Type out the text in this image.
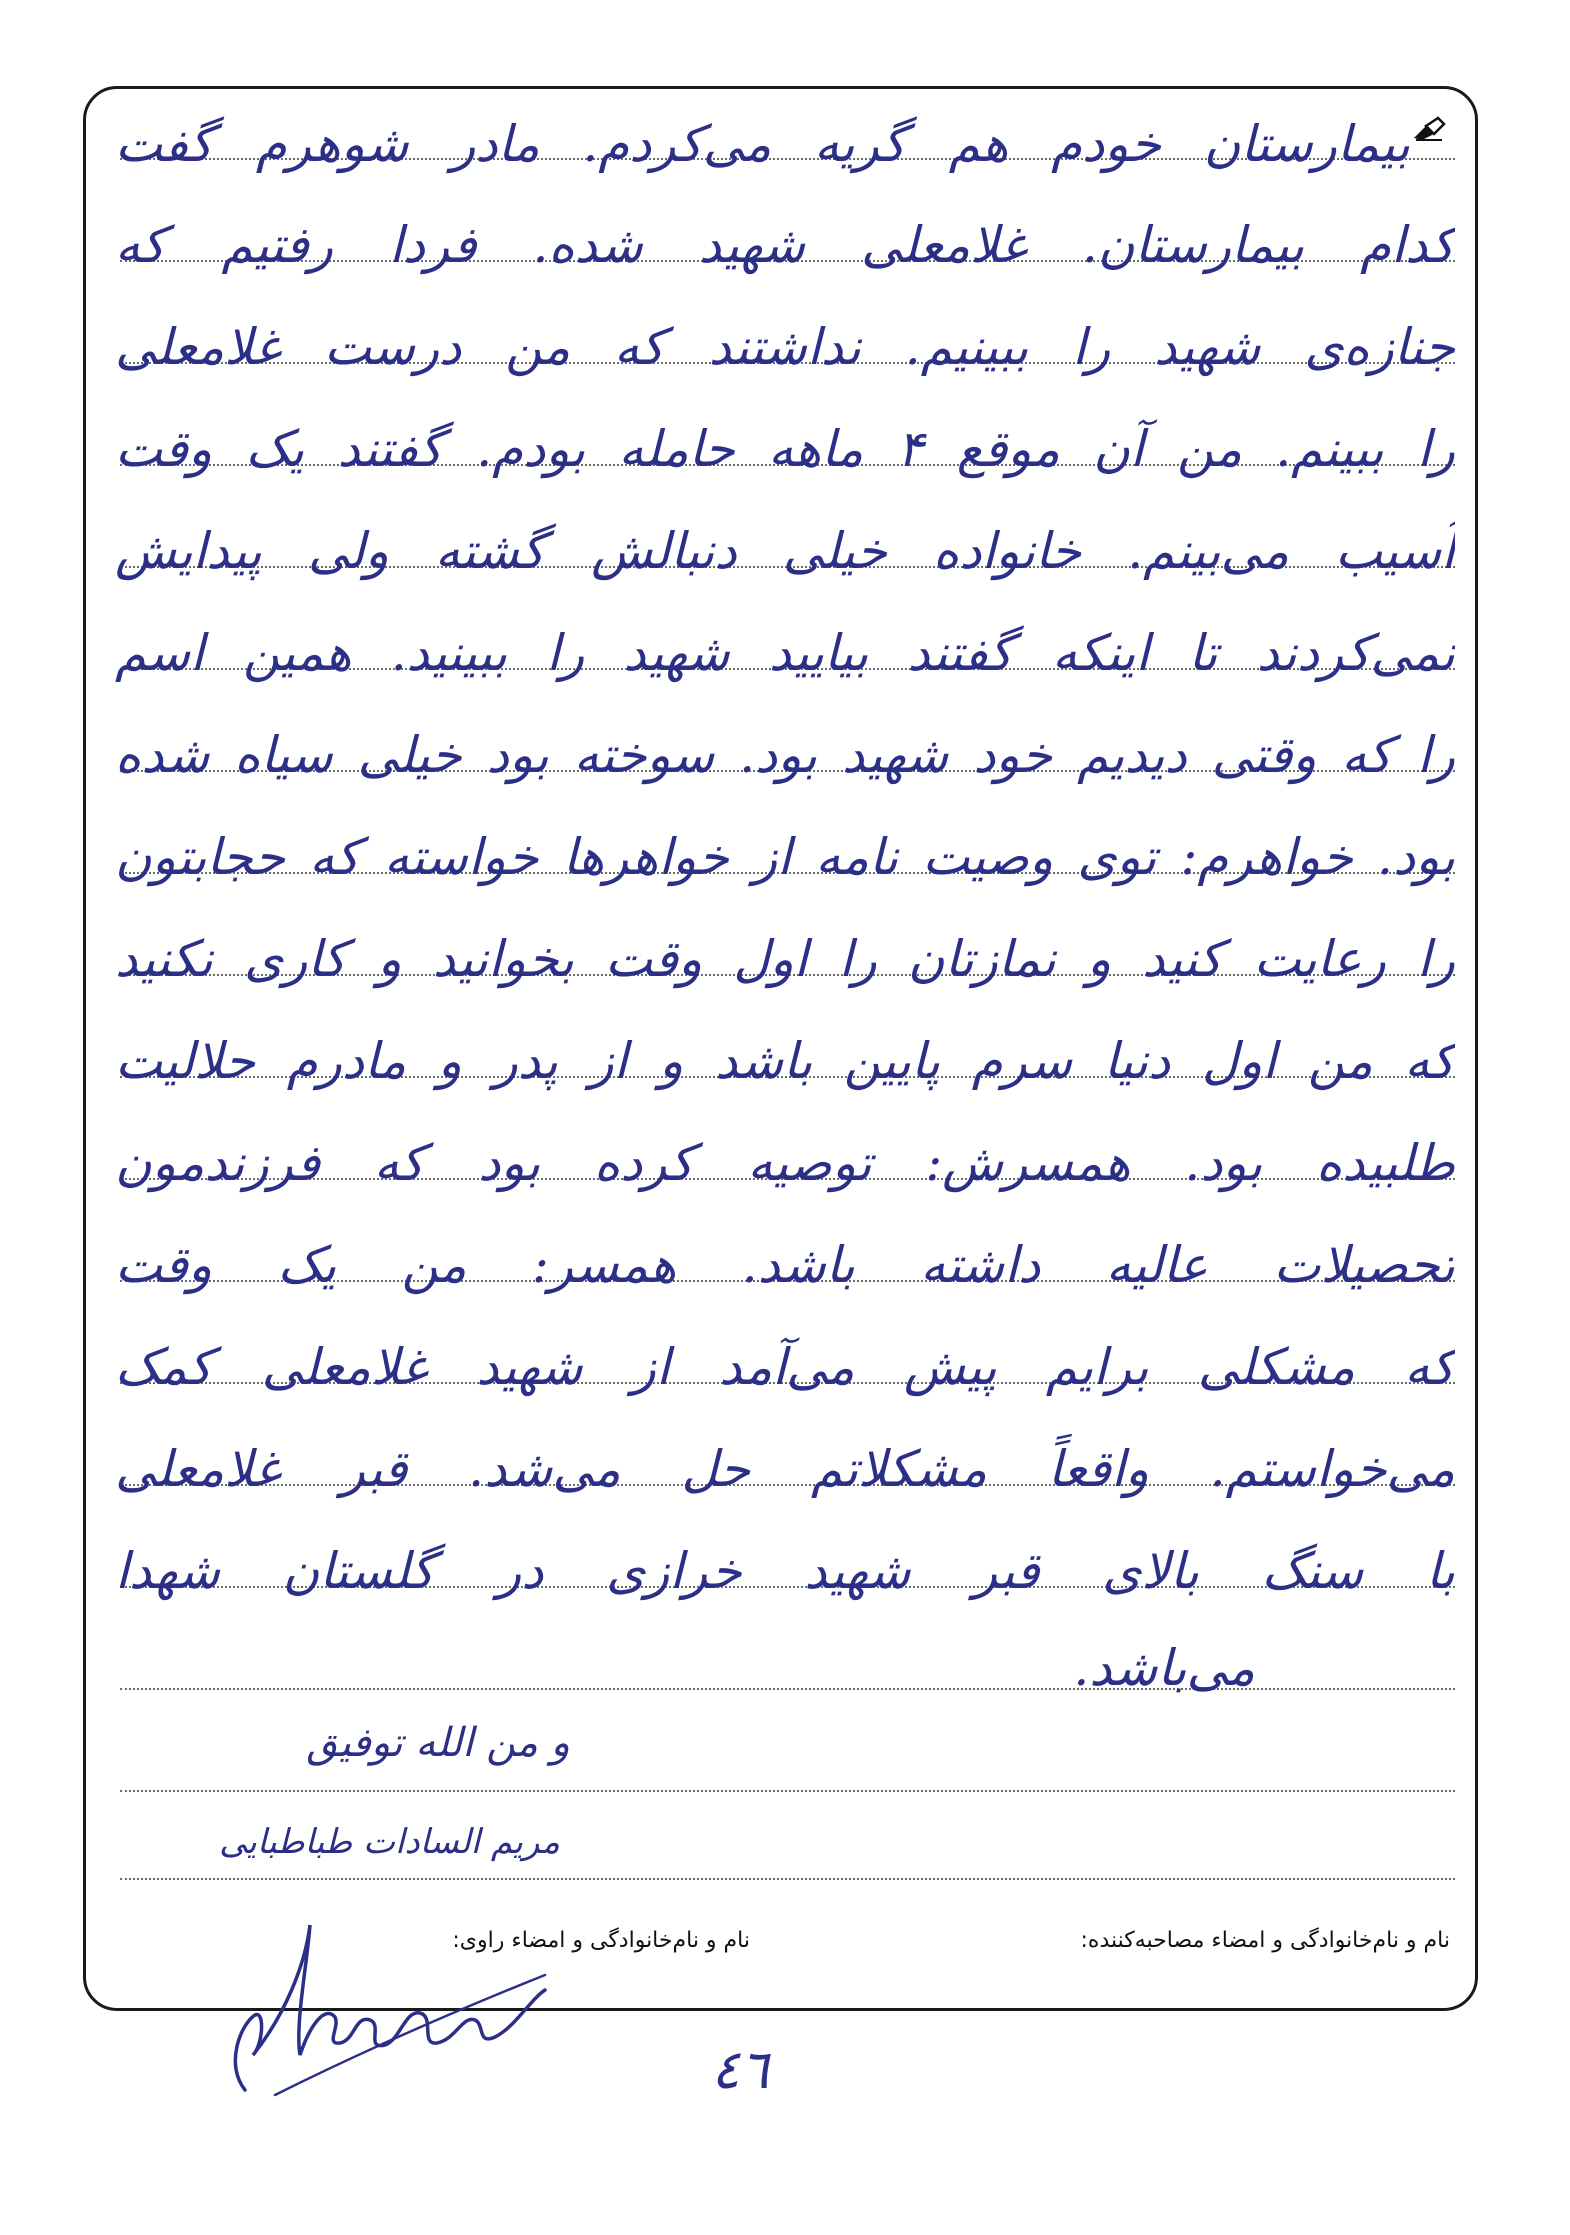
بیمارستان خودم هم گریه می‌کردم. مادر شوهرم گفت
کدام بیمارستان. غلامعلی شهید شده. فردا رفتیم که
جنازه‌ی شهید را ببینیم. نداشتند که من درست غلامعلی
را ببینم. من آن موقع ۴ ماهه حامله بودم. گفتند یک وقت
آسیب می‌بینم. خانواده خیلی دنبالش گشته ولی پیدایش
نمی‌کردند تا اینکه گفتند بیایید شهید را ببینید. همین اسم
را که وقتی دیدیم خود شهید بود. سوخته بود خیلی سیاه شده
بود. خواهرم: توی وصیت نامه از خواهرها خواسته که حجابتون
را رعایت کنید و نمازتان را اول وقت بخوانید و کاری نکنید
که من اول دنیا سرم پایین باشد و از پدر و مادرم حلالیت
طلبیده بود. همسرش: توصیه کرده بود که فرزندمون
تحصیلات عالیه داشته باشد. همسر: من یک وقت
که مشکلی برایم پیش می‌آمد از شهید غلامعلی کمک
می‌خواستم. واقعاً مشکلاتم حل می‌شد. قبر غلامعلی
با سنگ بالای قبر شهید خرازی در گلستان شهدا
می‌باشد.
و من الله توفیق
مریم السادات طباطبایی
نام و نام‌خانوادگی و امضاء مصاحبه‌کننده:
نام و نام‌خانوادگی و امضاء راوی:
٤٦
